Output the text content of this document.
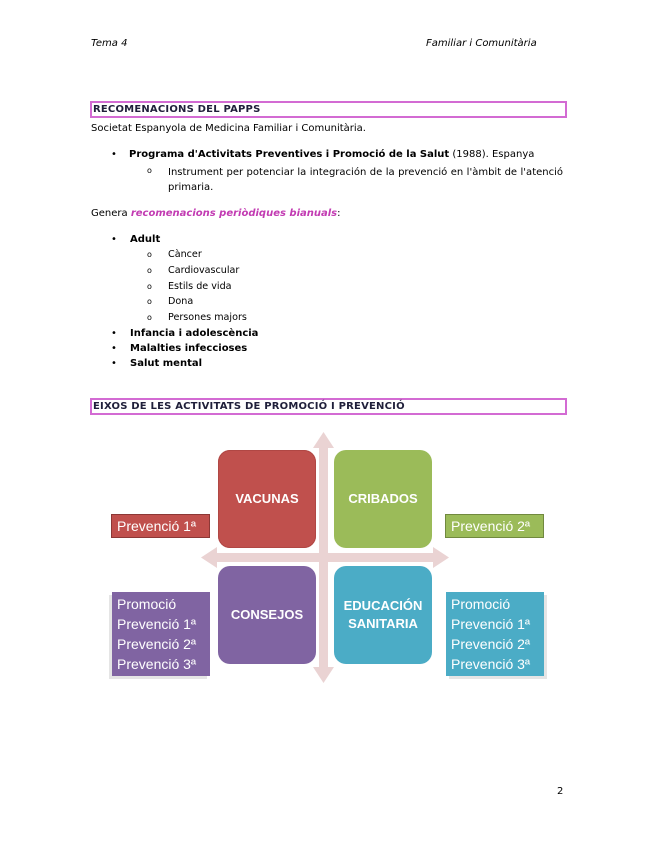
Tema 4	Familiar i Comunitària
RECOMENACIONS DEL PAPPS
Societat Espanyola de Medicina Familiar i Comunitària.
• Programa d'Activitats Preventives i Promoció de la Salut (1988). Espanya
o Instrument per potenciar la integración de la prevenció en l'àmbit de l'atenció primaria.
Genera recomenacions periòdiques bianuals:
• Adult
o Càncer
o Cardiovascular
o Estils de vida
o Dona
o Persones majors
• Infancia i adolescència
• Malalties infeccioses
• Salut mental
EIXOS DE LES ACTIVITATS DE PROMOCIÓ I PREVENCIÓ
VACUNAS	CRIBADOS
CONSEJOS
EDUCACIÓN
SANITARIA
Prevenció 1ª	Prevenció 2ª
Promoció
Prevenció 1ª
Prevenció 2ª
Prevenció 3ª
Promoció
Prevenció 1ª
Prevenció 2ª
Prevenció 3ª
2
